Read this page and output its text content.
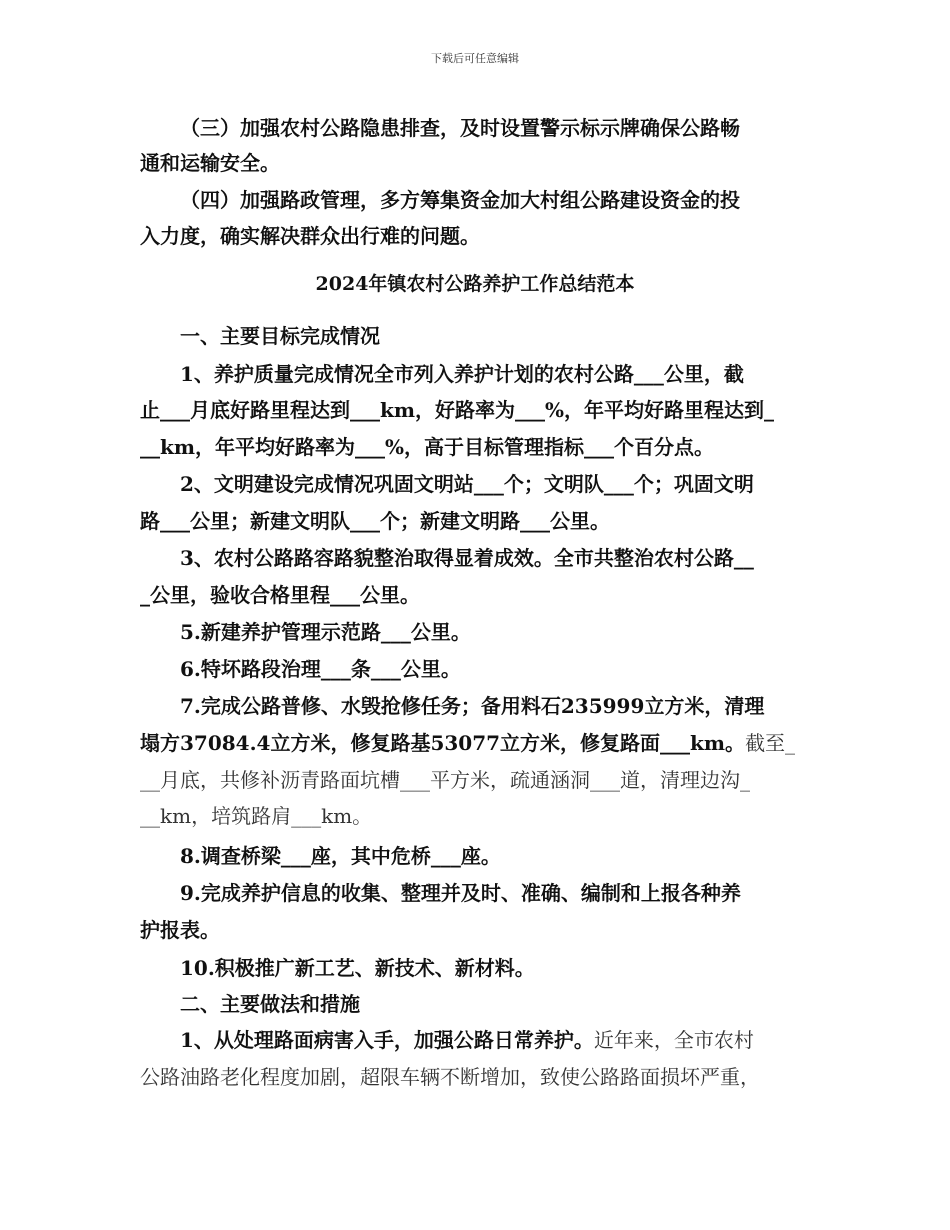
下载后可任意编辑
（三）加强农村公路隐患排查，及时设置警示标示牌确保公路畅
通和运输安全。
（四）加强路政管理，多方筹集资金加大村组公路建设资金的投
入力度，确实解决群众出行难的问题。
2024年镇农村公路养护工作总结范本
一、主要目标完成情况
1、养护质量完成情况全市列入养护计划的农村公路___公里，截
止___月底好路里程达到___km，好路率为___%，年平均好路里程达到_
__km，年平均好路率为___%，高于目标管理指标___个百分点。
2、文明建设完成情况巩固文明站___个；文明队___个；巩固文明
路___公里；新建文明队___个；新建文明路___公里。
3、农村公路路容路貌整治取得显着成效。全市共整治农村公路__
_公里，验收合格里程___公里。
5.新建养护管理示范路___公里。
6.特坏路段治理___条___公里。
7.完成公路普修、水毁抢修任务；备用料石235999立方米，清理
塌方37084.4立方米，修复路基53077立方米，修复路面___km。截至_
__月底，共修补沥青路面坑槽___平方米，疏通涵洞___道，清理边沟_
__km，培筑路肩___km。
8.调查桥梁___座，其中危桥___座。
9.完成养护信息的收集、整理并及时、准确、编制和上报各种养
护报表。
10.积极推广新工艺、新技术、新材料。
二、主要做法和措施
1、从处理路面病害入手，加强公路日常养护。近年来，全市农村
公路油路老化程度加剧，超限车辆不断增加，致使公路路面损坏严重，
